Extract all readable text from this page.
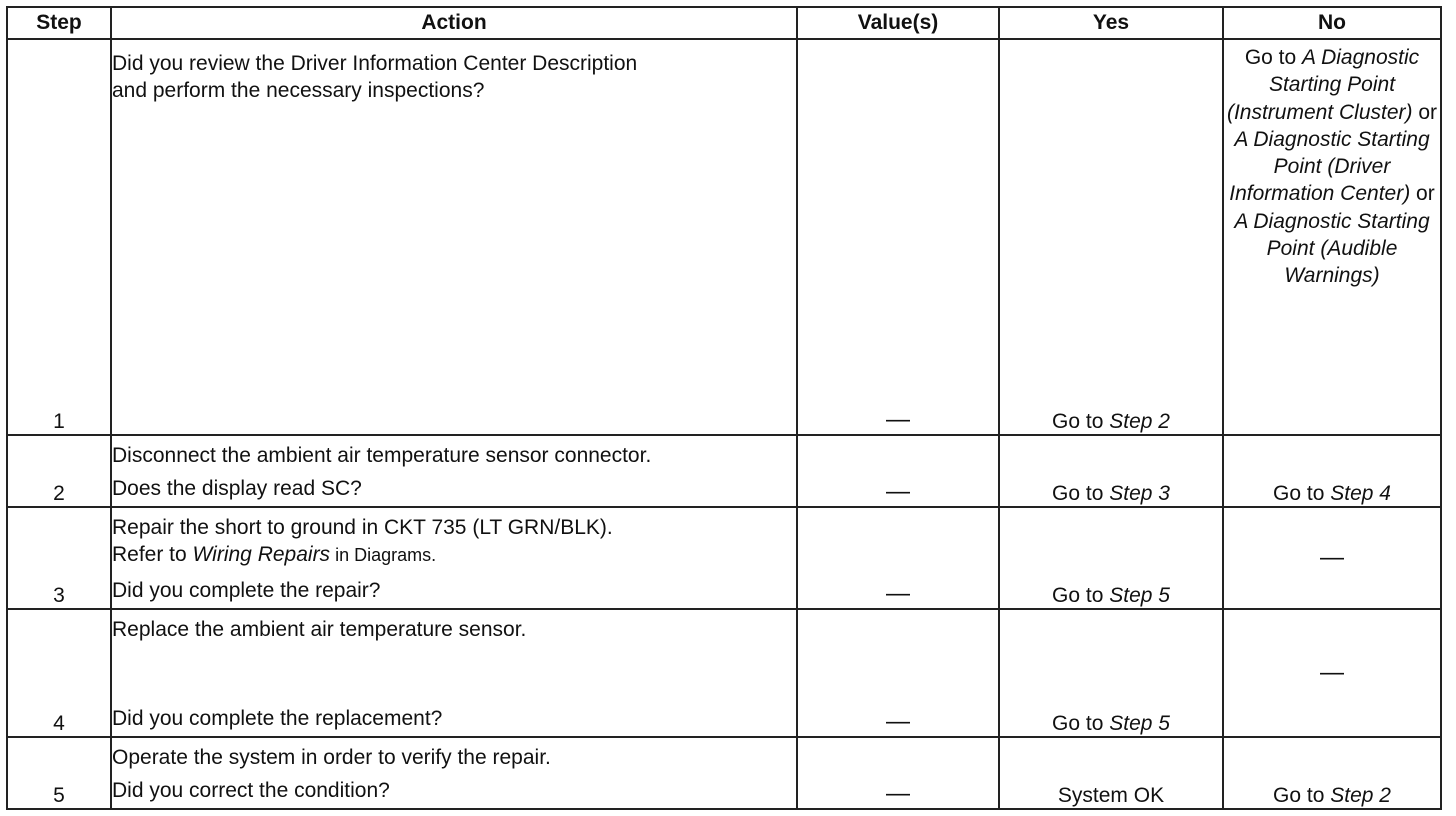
Step	Action	Value(s)	Yes	No
1	Did you review the Driver Information Center Description
and perform the necessary inspections?	—	Go to Step 2	Go to A Diagnostic Starting Point (Instrument Cluster) or A Diagnostic Starting Point (Driver Information Center) or A Diagnostic Starting Point (Audible Warnings)
2	Disconnect the ambient air temperature sensor connector.
Does the display read SC?	—	Go to Step 3	Go to Step 4
3	Repair the short to ground in CKT 735 (LT GRN/BLK).
Refer to Wiring Repairs in Diagrams.
Did you complete the repair?	—	Go to Step 5	—
4	Replace the ambient air temperature sensor.
Did you complete the replacement?	—	Go to Step 5	—
5	Operate the system in order to verify the repair.
Did you correct the condition?	—	System OK	Go to Step 2
